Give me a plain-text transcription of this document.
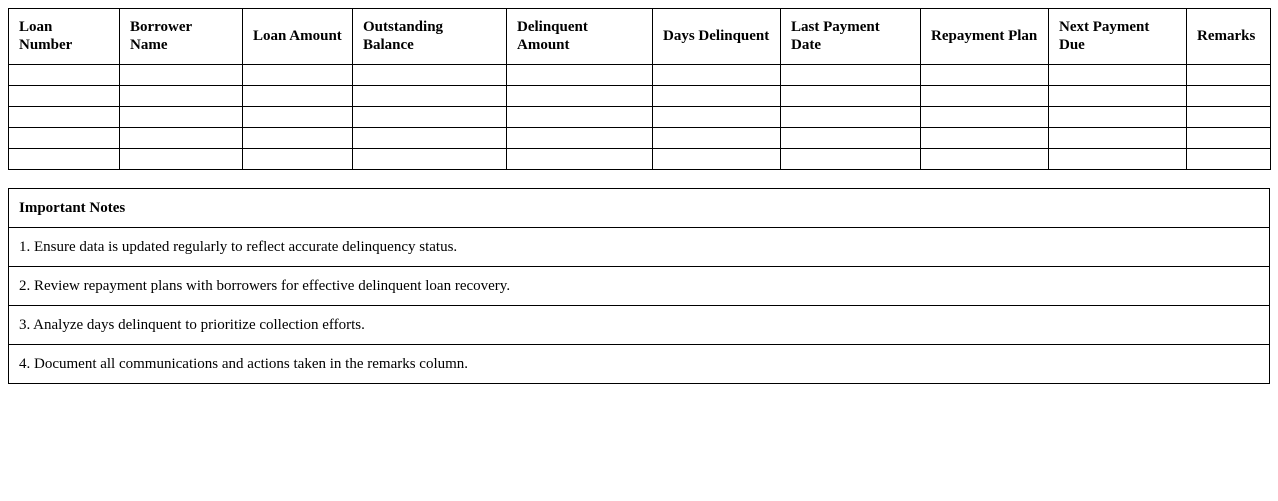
Loan Number	Borrower Name	Loan Amount	Outstanding Balance	Delinquent Amount	Days Delinquent	Last Payment Date	Repayment Plan	Next Payment Due	Remarks

Important Notes
1. Ensure data is updated regularly to reflect accurate delinquency status.
2. Review repayment plans with borrowers for effective delinquent loan recovery.
3. Analyze days delinquent to prioritize collection efforts.
4. Document all communications and actions taken in the remarks column.
